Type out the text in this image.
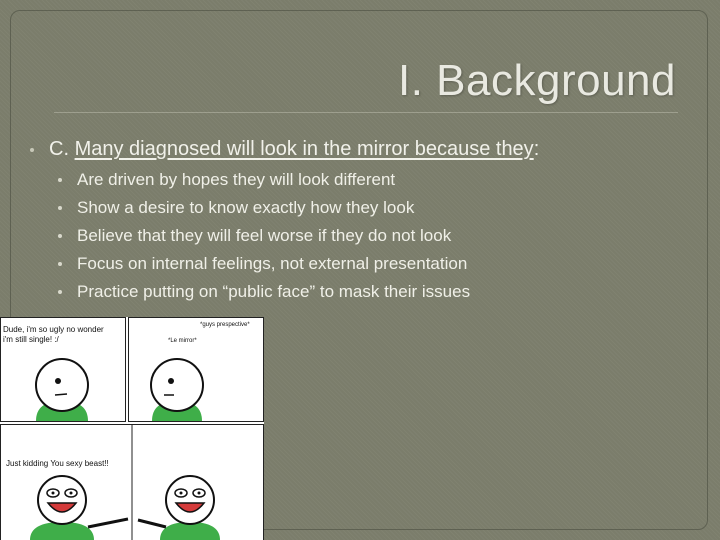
I. Background
C. Many diagnosed will look in the mirror because they:
Are driven by hopes they will look different
Show a desire to know exactly how they look
Believe that they will feel worse if they do not look
Focus on internal feelings, not external presentation
Practice putting on “public face” to mask their issues
Dude, i'm so ugly no wonder
i'm still single! :/
*guys prespective*
*Le mirror*
Just kidding You sexy beast!!
